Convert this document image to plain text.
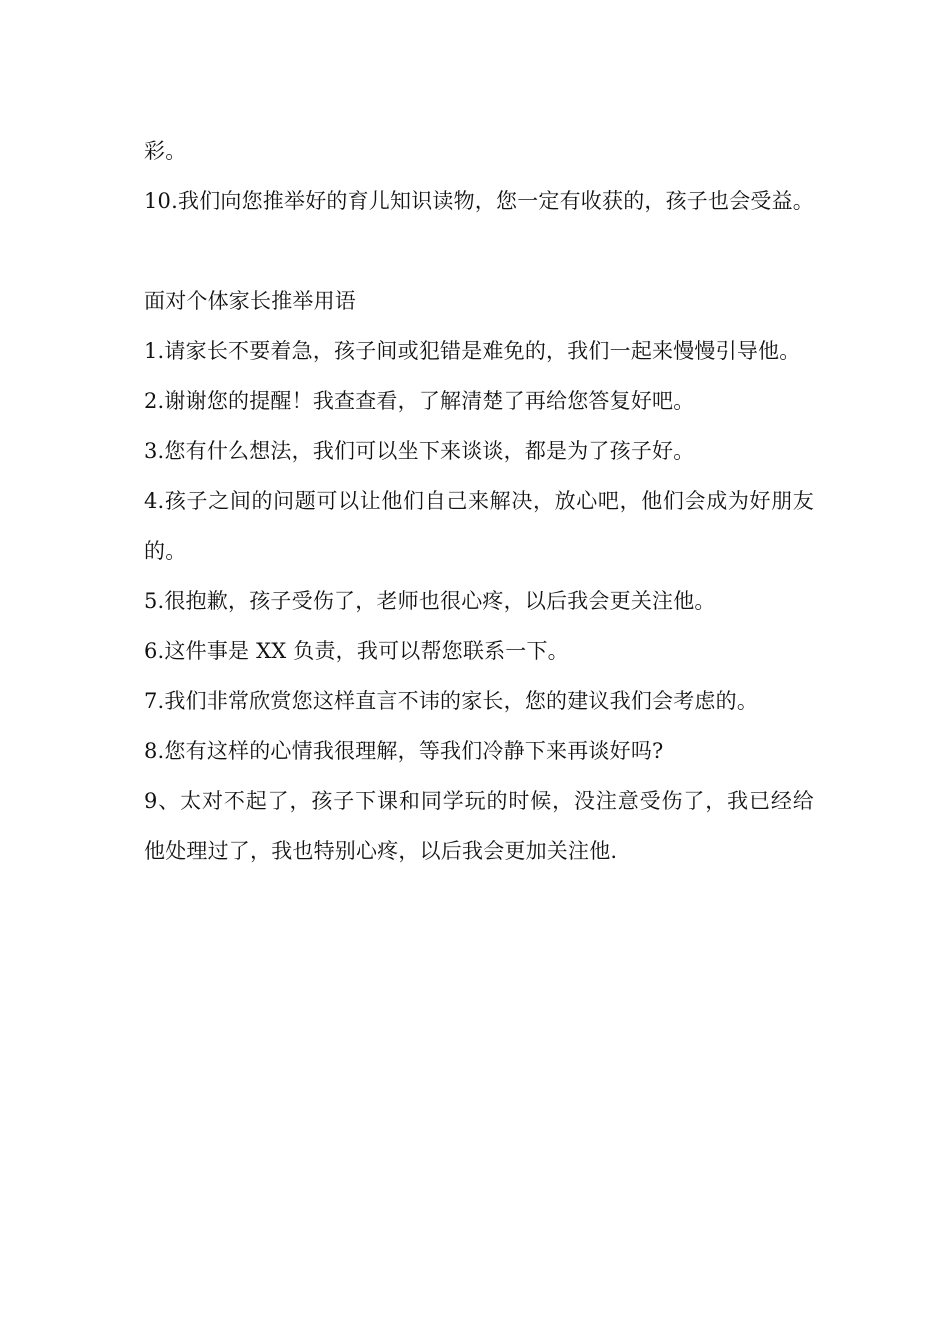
彩。

10.我们向您推举好的育儿知识读物，您一定有收获的，孩子也会受益。

面对个体家长推举用语

1.请家长不要着急，孩子间或犯错是难免的，我们一起来慢慢引导他。

2.谢谢您的提醒！我查查看，了解清楚了再给您答复好吧。

3.您有什么想法，我们可以坐下来谈谈，都是为了孩子好。

4.孩子之间的问题可以让他们自己来解决，放心吧，他们会成为好朋友的。

5.很抱歉，孩子受伤了，老师也很心疼，以后我会更关注他。

6.这件事是 XX 负责，我可以帮您联系一下。

7.我们非常欣赏您这样直言不讳的家长，您的建议我们会考虑的。

8.您有这样的心情我很理解，等我们冷静下来再谈好吗?

9、太对不起了，孩子下课和同学玩的时候，没注意受伤了，我已经给他处理过了，我也特别心疼，以后我会更加关注他.
